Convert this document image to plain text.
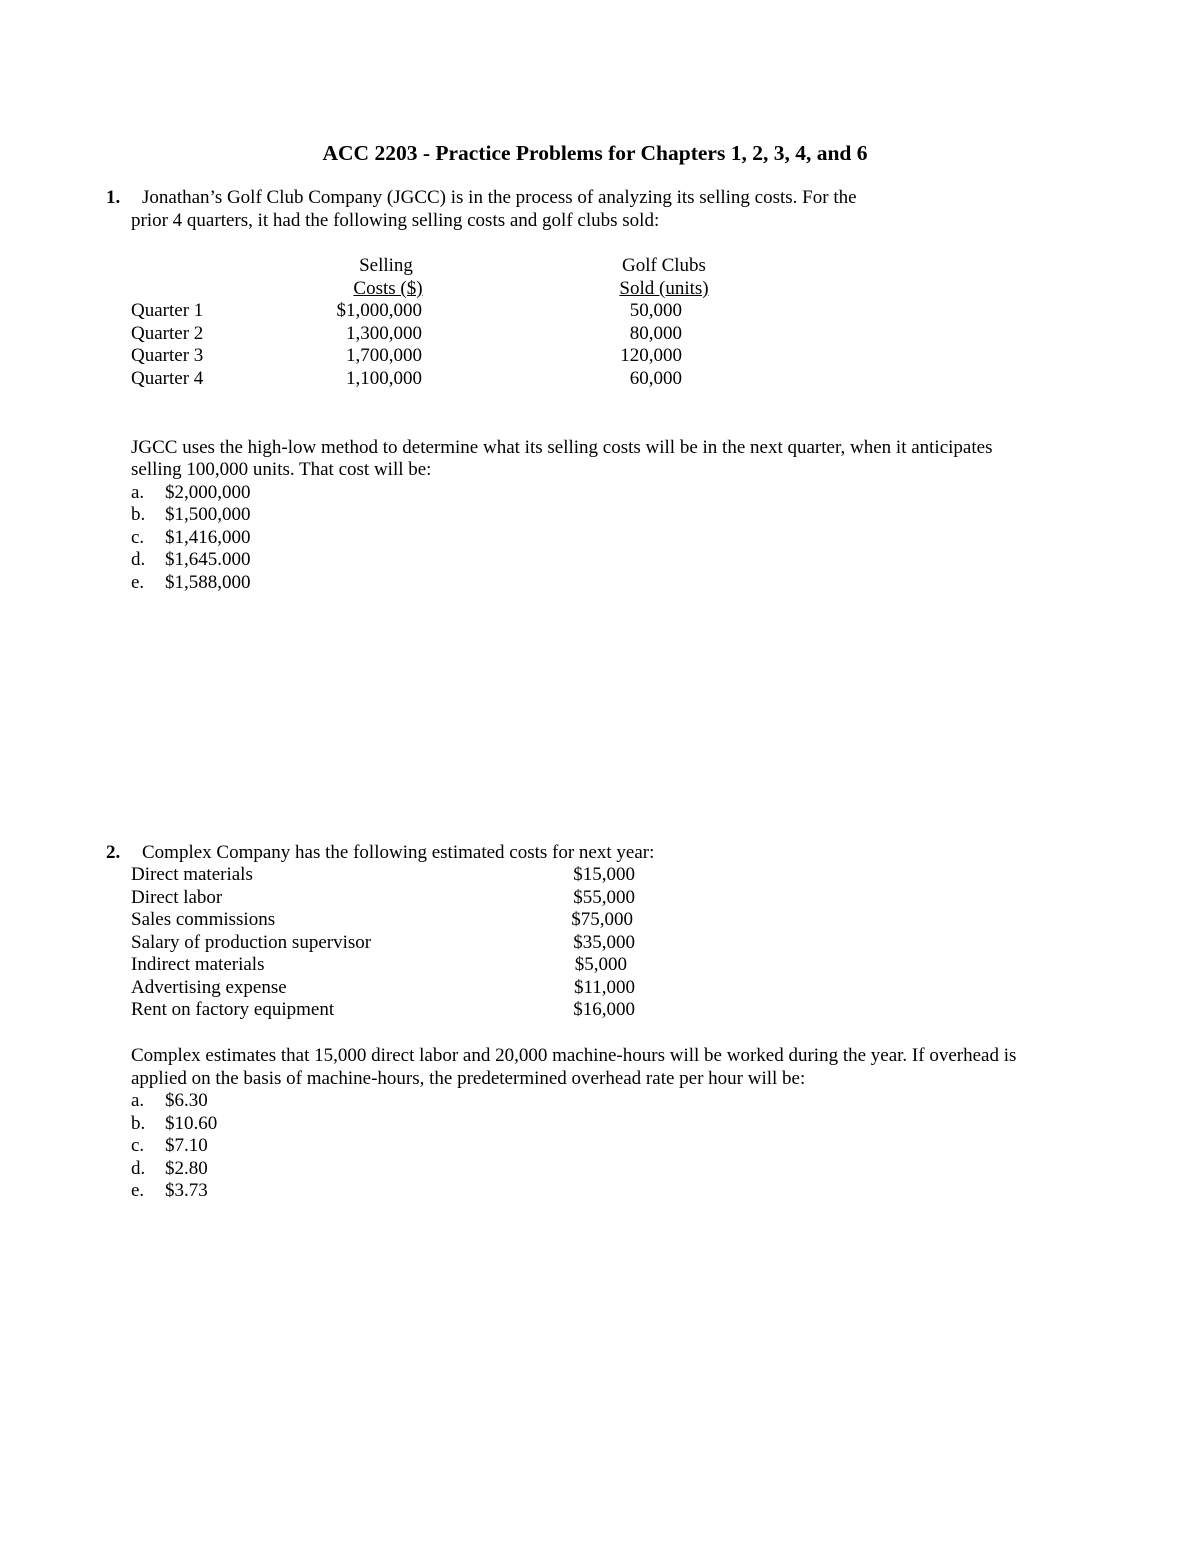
ACC 2203 - Practice Problems for Chapters 1, 2, 3, 4, and 6
1. Jonathan’s Golf Club Company (JGCC) is in the process of analyzing its selling costs. For the
prior 4 quarters, it had the following selling costs and golf clubs sold:
Selling
Costs ($)
Golf Clubs
Sold (units)
Quarter 1	$1,000,000	50,000
Quarter 2	1,300,000	80,000
Quarter 3	1,700,000	120,000
Quarter 4	1,100,000	60,000
JGCC uses the high-low method to determine what its selling costs will be in the next quarter, when it anticipates
selling 100,000 units. That cost will be:
a. $2,000,000
b. $1,500,000
c. $1,416,000
d. $1,645.000
e. $1,588,000
2. Complex Company has the following estimated costs for next year:
Direct materials	$15,000
Direct labor	$55,000
Sales commissions	$75,000
Salary of production supervisor	$35,000
Indirect materials	$5,000
Advertising expense	$11,000
Rent on factory equipment	$16,000
Complex estimates that 15,000 direct labor and 20,000 machine-hours will be worked during the year. If overhead is
applied on the basis of machine-hours, the predetermined overhead rate per hour will be:
a. $6.30
b. $10.60
c. $7.10
d. $2.80
e. $3.73
